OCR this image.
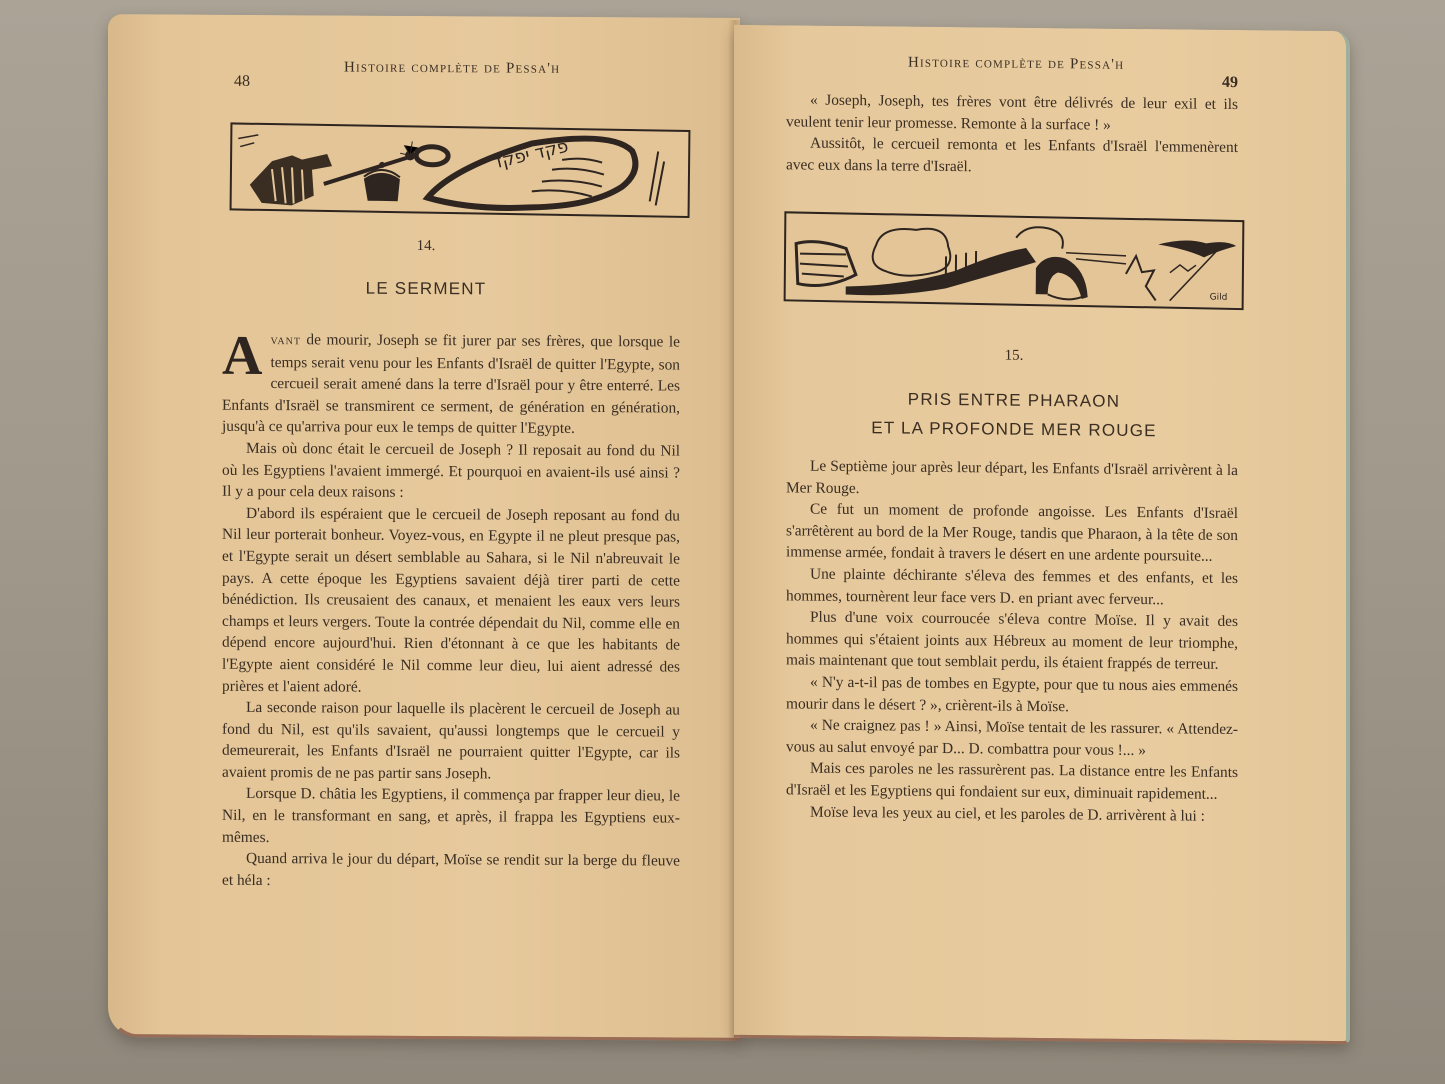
48
Histoire complète de Pessa'h
פקד יפקד
14.
LE SERMENT

Avant de mourir, Joseph se fit jurer par ses frères, que lorsque le temps serait venu pour les Enfants d'Israël de quitter l'Egypte, son cercueil serait amené dans la terre d'Israël pour y être enterré. Les Enfants d'Israël se transmirent ce serment, de génération en génération, jusqu'à ce qu'arriva pour eux le temps de quitter l'Egypte.

Mais où donc était le cercueil de Joseph ? Il reposait au fond du Nil où les Egyptiens l'avaient immergé. Et pourquoi en avaient-ils usé ainsi ? Il y a pour cela deux raisons :

D'abord ils espéraient que le cercueil de Joseph reposant au fond du Nil leur porterait bonheur. Voyez-vous, en Egypte il ne pleut presque pas, et l'Egypte serait un désert semblable au Sahara, si le Nil n'abreuvait le pays. A cette époque les Egyptiens savaient déjà tirer parti de cette bénédiction. Ils creusaient des canaux, et menaient les eaux vers leurs champs et leurs vergers. Toute la contrée dépendait du Nil, comme elle en dépend encore aujourd'hui. Rien d'étonnant à ce que les habitants de l'Egypte aient considéré le Nil comme leur dieu, lui aient adressé des prières et l'aient adoré.

La seconde raison pour laquelle ils placèrent le cercueil de Joseph au fond du Nil, est qu'ils savaient, qu'aussi longtemps que le cercueil y demeurerait, les Enfants d'Israël ne pourraient quitter l'Egypte, car ils avaient promis de ne pas partir sans Joseph.

Lorsque D. châtia les Egyptiens, il commença par frapper leur dieu, le Nil, en le transformant en sang, et après, il frappa les Egyptiens eux-mêmes.

Quand arriva le jour du départ, Moïse se rendit sur la berge du fleuve et héla :

Histoire complète de Pessa'h
49

« Joseph, Joseph, tes frères vont être délivrés de leur exil et ils veulent tenir leur promesse. Remonte à la surface ! »

Aussitôt, le cercueil remonta et les Enfants d'Israël l'emmenèrent avec eux dans la terre d'Israël.

Gild
15.
PRIS ENTRE PHARAON
ET LA PROFONDE MER ROUGE

Le Septième jour après leur départ, les Enfants d'Israël arrivèrent à la Mer Rouge.

Ce fut un moment de profonde angoisse. Les Enfants d'Israël s'arrêtèrent au bord de la Mer Rouge, tandis que Pharaon, à la tête de son immense armée, fondait à travers le désert en une ardente poursuite...

Une plainte déchirante s'éleva des femmes et des enfants, et les hommes, tournèrent leur face vers D. en priant avec ferveur...

Plus d'une voix courroucée s'éleva contre Moïse. Il y avait des hommes qui s'étaient joints aux Hébreux au moment de leur triomphe, mais maintenant que tout semblait perdu, ils étaient frappés de terreur.

« N'y a-t-il pas de tombes en Egypte, pour que tu nous aies emmenés mourir dans le désert ? », crièrent-ils à Moïse.

« Ne craignez pas ! » Ainsi, Moïse tentait de les rassurer. « Attendez-vous au salut envoyé par D... D. combattra pour vous !... »

Mais ces paroles ne les rassurèrent pas. La distance entre les Enfants d'Israël et les Egyptiens qui fondaient sur eux, diminuait rapidement...

Moïse leva les yeux au ciel, et les paroles de D. arrivèrent à lui :
